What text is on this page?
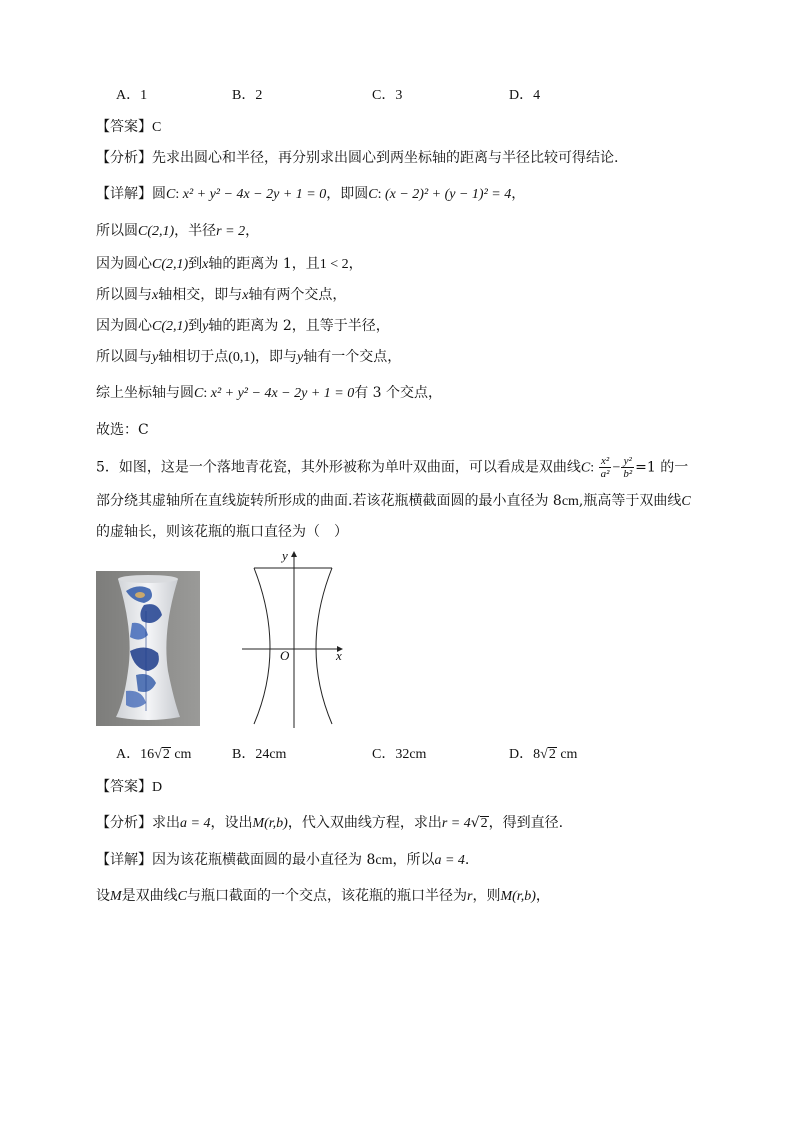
A．1	B．2	C．3	D．4
【答案】C
【分析】先求出圆心和半径，再分别求出圆心到两坐标轴的距离与半径比较可得结论.
【详解】圆C: x² + y² − 4x − 2y + 1 = 0，即圆C: (x − 2)² + (y − 1)² = 4，
所以圆C(2,1)，半径r = 2，
因为圆心C(2,1)到x轴的距离为 1，且1 < 2，
所以圆与x轴相交，即与x轴有两个交点，
因为圆心C(2,1)到y轴的距离为 2，且等于半径，
所以圆与y轴相切于点(0,1)，即与y轴有一个交点，
综上坐标轴与圆C: x² + y² − 4x − 2y + 1 = 0有 3 个交点，
故选：C
5．如图，这是一个落地青花瓷，其外形被称为单叶双曲面，可以看成是双曲线C: $\frac{\text{x²}}{\text{a²}} - \frac{\text{y²}}{\text{b²}} =1$ 的一
部分绕其虚轴所在直线旋转所形成的曲面.若该花瓶横截面圆的最小直径为 8cm,瓶高等于双曲线C
的虚轴长，则该花瓶的瓶口直径为（　）
y
O	x
A．16√2 cm	B．24cm	C．32cm	D．8√2 cm
【答案】D
【分析】求出a = 4，设出M(r,b)，代入双曲线方程，求出r = 4√2，得到直径.
【详解】因为该花瓶横截面圆的最小直径为 8cm，所以a = 4.
设M是双曲线C与瓶口截面的一个交点，该花瓶的瓶口半径为r，则M(r,b)，
